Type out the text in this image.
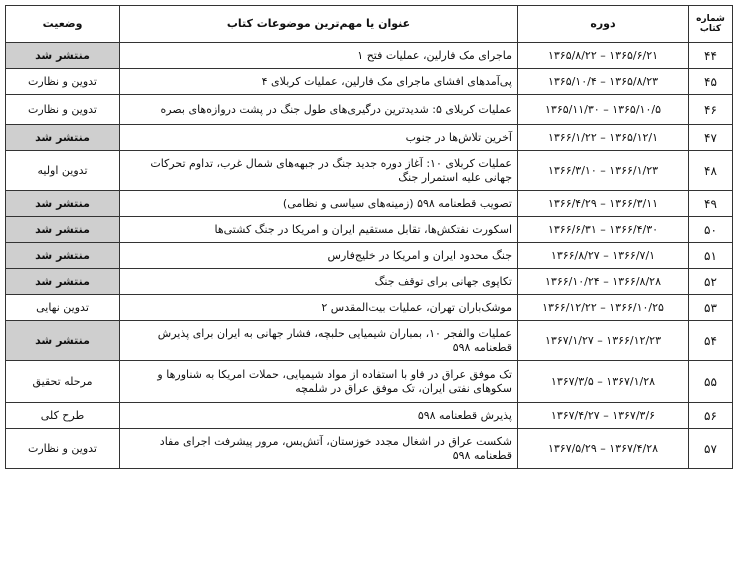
شماره
کتاب	دوره	عنوان یا مهم‌ترین موضوعات کتاب	وضعیت
۴۴	۱۳۶۵/۶/۲۱ – ۱۳۶۵/۸/۲۲	ماجرای مک فارلین، عملیات فتح ۱	منتشر شد
۴۵	۱۳۶۵/۸/۲۳ – ۱۳۶۵/۱۰/۴	پی‌آمدهای افشای ماجرای مک فارلین، عملیات کربلای ۴	تدوین و نظارت
۴۶	۱۳۶۵/۱۰/۵ – ۱۳۶۵/۱۱/۳۰	عملیات کربلای ۵: شدیدترین درگیری‌های طول جنگ در پشت دروازه‌های بصره	تدوین و نظارت
۴۷	۱۳۶۵/۱۲/۱ – ۱۳۶۶/۱/۲۲	آخرین تلاش‌ها در جنوب	منتشر شد
۴۸	۱۳۶۶/۱/۲۳ – ۱۳۶۶/۳/۱۰	عملیات کربلای ۱۰: آغاز دوره جدید جنگ در جبهه‌های شمال غرب، تداوم تحرکات جهانی علیه استمرار جنگ	تدوین اولیه
۴۹	۱۳۶۶/۳/۱۱ – ۱۳۶۶/۴/۲۹	تصویب قطعنامه ۵۹۸ (زمینه‌های سیاسی و نظامی)	منتشر شد
۵۰	۱۳۶۶/۴/۳۰ – ۱۳۶۶/۶/۳۱	اسکورت نفتکش‌ها، تقابل مستقیم ایران و امریکا در جنگ کشتی‌ها	منتشر شد
۵۱	۱۳۶۶/۷/۱ – ۱۳۶۶/۸/۲۷	جنگ محدود ایران و امریکا در خلیج‌فارس	منتشر شد
۵۲	۱۳۶۶/۸/۲۸ – ۱۳۶۶/۱۰/۲۴	تکاپوی جهانی برای توقف جنگ	منتشر شد
۵۳	۱۳۶۶/۱۰/۲۵ – ۱۳۶۶/۱۲/۲۲	موشک‌باران تهران، عملیات بیت‌المقدس ۲	تدوین نهایی
۵۴	۱۳۶۶/۱۲/۲۳ – ۱۳۶۷/۱/۲۷	عملیات والفجر ۱۰، بمباران شیمیایی حلبچه، فشار جهانی به ایران برای پذیرش قطعنامه ۵۹۸	منتشر شد
۵۵	۱۳۶۷/۱/۲۸ – ۱۳۶۷/۳/۵	تک موفق عراق در فاو با استفاده از مواد شیمیایی، حملات امریکا به شناورها و سکوهای نفتی ایران، تک موفق عراق در شلمچه	مرحله تحقیق
۵۶	۱۳۶۷/۳/۶ – ۱۳۶۷/۴/۲۷	پذیرش قطعنامه ۵۹۸	طرح کلی
۵۷	۱۳۶۷/۴/۲۸ – ۱۳۶۷/۵/۲۹	شکست عراق در اشغال مجدد خوزستان، آتش‌بس، مرور پیشرفت اجرای مفاد قطعنامه ۵۹۸	تدوین و نظارت
